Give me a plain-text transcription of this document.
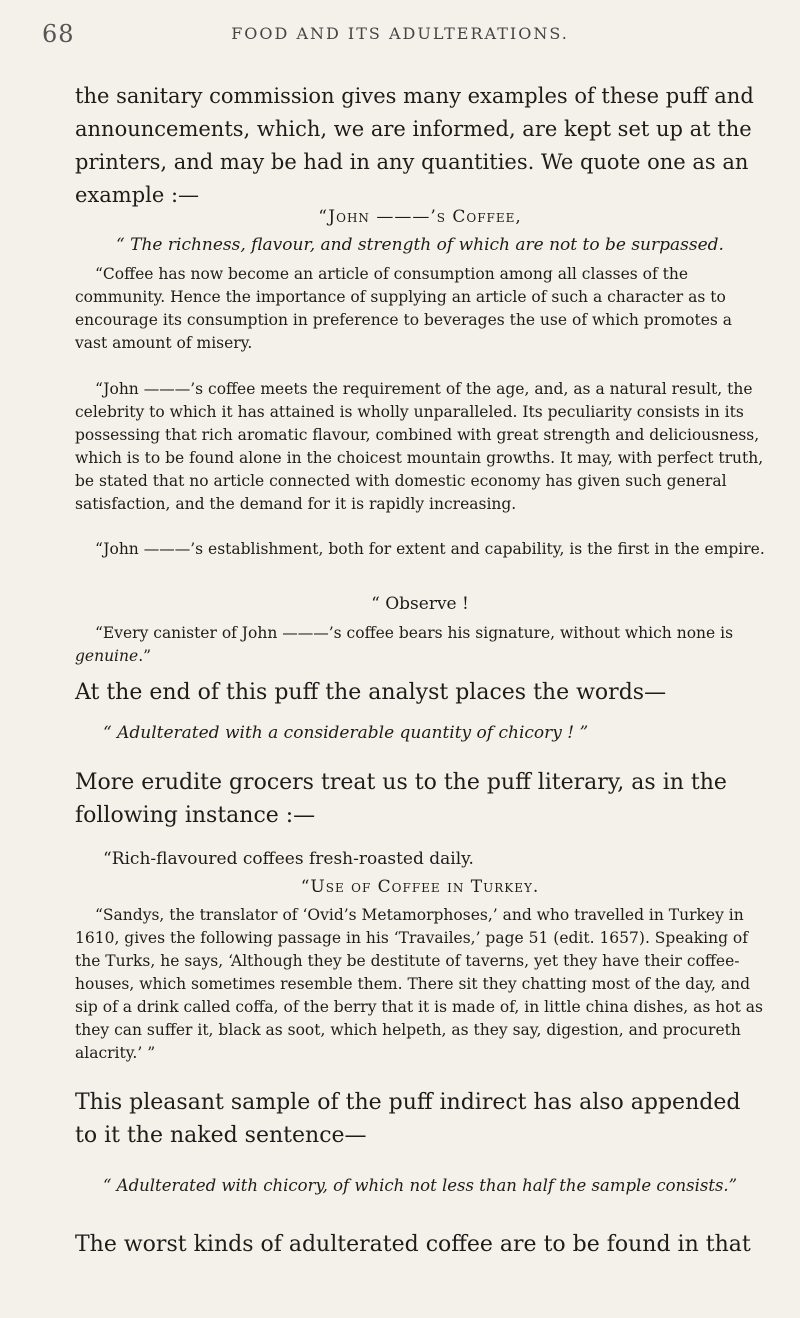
68	FOOD AND ITS ADULTERATIONS.

the sanitary commission gives many examples of these puff and announcements, which, we are informed, are kept set up at the printers, and may be had in any quantities. We quote one as an example :—

“John ———’s Coffee,

“ The richness, flavour, and strength of which are not to be surpassed.

“Coffee has now become an article of consumption among all classes of the community. Hence the importance of supplying an article of such a character as to encourage its consumption in preference to beverages the use of which promotes a vast amount of misery.

“John ———’s coffee meets the requirement of the age, and, as a natural result, the celebrity to which it has attained is wholly unparalleled. Its peculiarity consists in its possessing that rich aromatic flavour, combined with great strength and deliciousness, which is to be found alone in the choicest mountain growths. It may, with perfect truth, be stated that no article connected with domestic economy has given such general satisfaction, and the demand for it is rapidly increasing.

“John ———’s establishment, both for extent and capability, is the first in the empire.

“ Observe !

“Every canister of John ———’s coffee bears his signature, without which none is genuine.”

At the end of this puff the analyst places the words—

“ Adulterated with a considerable quantity of chicory ! ”

More erudite grocers treat us to the puff literary, as in the following instance :—

“Rich-flavoured coffees fresh-roasted daily.

“Use of Coffee in Turkey.

“Sandys, the translator of ‘Ovid’s Metamorphoses,’ and who travelled in Turkey in 1610, gives the following passage in his ‘Travailes,’ page 51 (edit. 1657). Speaking of the Turks, he says, ‘Although they be destitute of taverns, yet they have their coffee-houses, which sometimes resemble them. There sit they chatting most of the day, and sip of a drink called coffa, of the berry that it is made of, in little china dishes, as hot as they can suffer it, black as soot, which helpeth, as they say, digestion, and procureth alacrity.’ ”

This pleasant sample of the puff indirect has also appended to it the naked sentence—

“ Adulterated with chicory, of which not less than half the sample consists.”

The worst kinds of adulterated coffee are to be found in that
